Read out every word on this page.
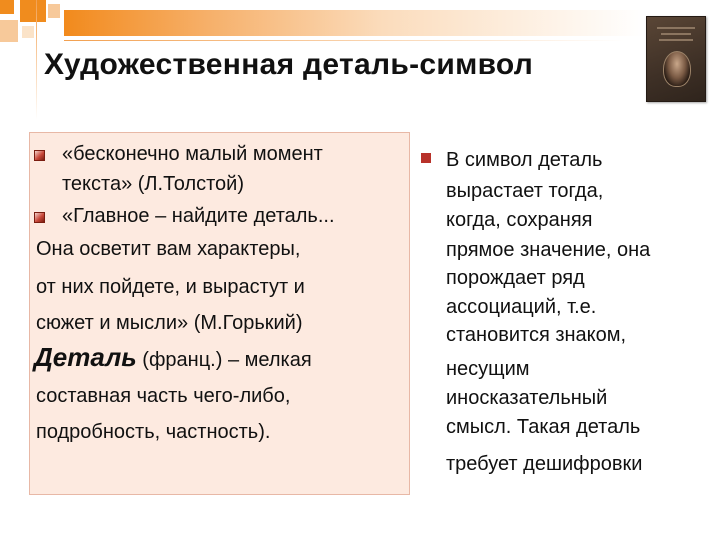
Художественная деталь-символ
«бесконечно малый момент
текста» (Л.Толстой)
«Главное – найдите деталь...
Она осветит вам характеры,
от них пойдете, и вырастут и
сюжет и мысли» (М.Горький)
Деталь (франц.) – мелкая
составная часть чего-либо,
подробность, частность).
В символ деталь
вырастает тогда,
когда, сохраняя
прямое значение, она
порождает ряд
ассоциаций, т.е.
становится знаком,
несущим
иносказательный
смысл. Такая деталь
требует дешифровки
